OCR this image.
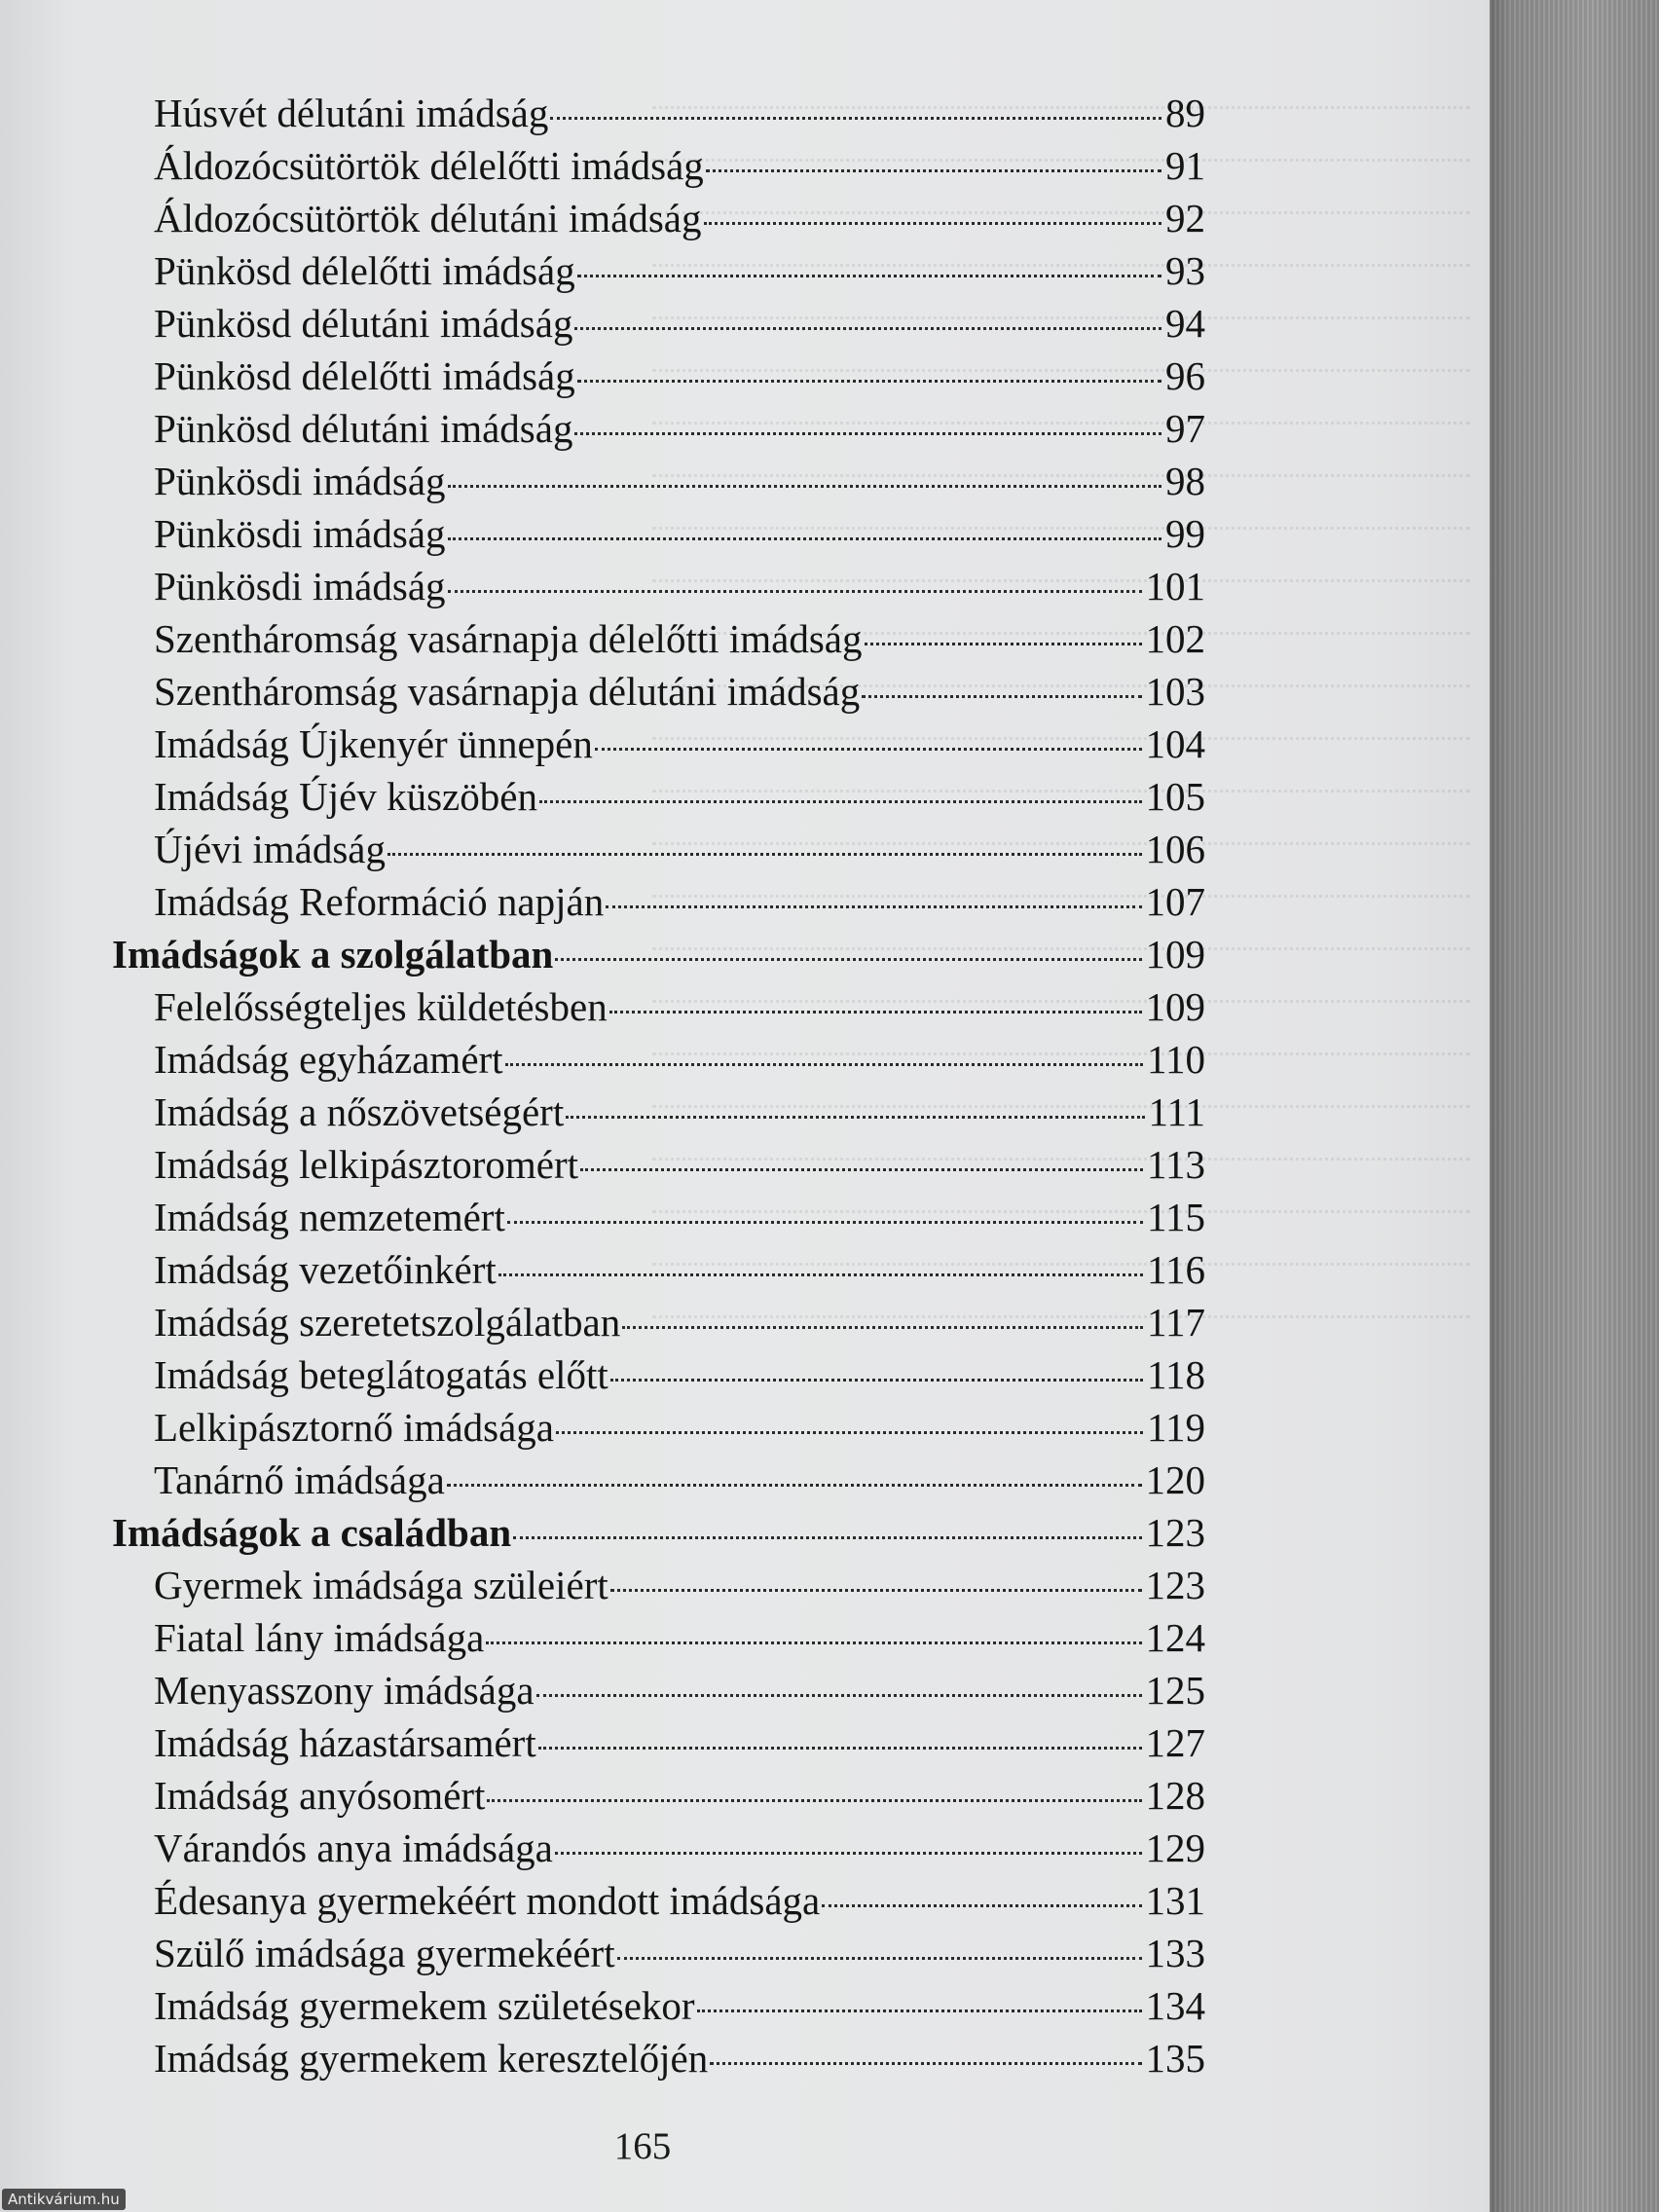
Húsvét délutáni imádság	89
Áldozócsütörtök délelőtti imádság	91
Áldozócsütörtök délutáni imádság	92
Pünkösd délelőtti imádság	93
Pünkösd délutáni imádság	94
Pünkösd délelőtti imádság	96
Pünkösd délutáni imádság	97
Pünkösdi imádság	98
Pünkösdi imádság	99
Pünkösdi imádság	101
Szentháromság vasárnapja délelőtti imádság	102
Szentháromság vasárnapja délutáni imádság	103
Imádság Újkenyér ünnepén	104
Imádság Újév küszöbén	105
Újévi imádság	106
Imádság Reformáció napján	107
Imádságok a szolgálatban	109
Felelősségteljes küldetésben	109
Imádság egyházamért	110
Imádság a nőszövetségért	111
Imádság lelkipásztoromért	113
Imádság nemzetemért	115
Imádság vezetőinkért	116
Imádság szeretetszolgálatban	117
Imádság beteglátogatás előtt	118
Lelkipásztornő imádsága	119
Tanárnő imádsága	120
Imádságok a családban	123
Gyermek imádsága szüleiért	123
Fiatal lány imádsága	124
Menyasszony imádsága	125
Imádság házastársamért	127
Imádság anyósomért	128
Várandós anya imádsága	129
Édesanya gyermekéért mondott imádsága	131
Szülő imádsága gyermekéért	133
Imádság gyermekem születésekor	134
Imádság gyermekem keresztelőjén	135
165
Antikvárium.hu
